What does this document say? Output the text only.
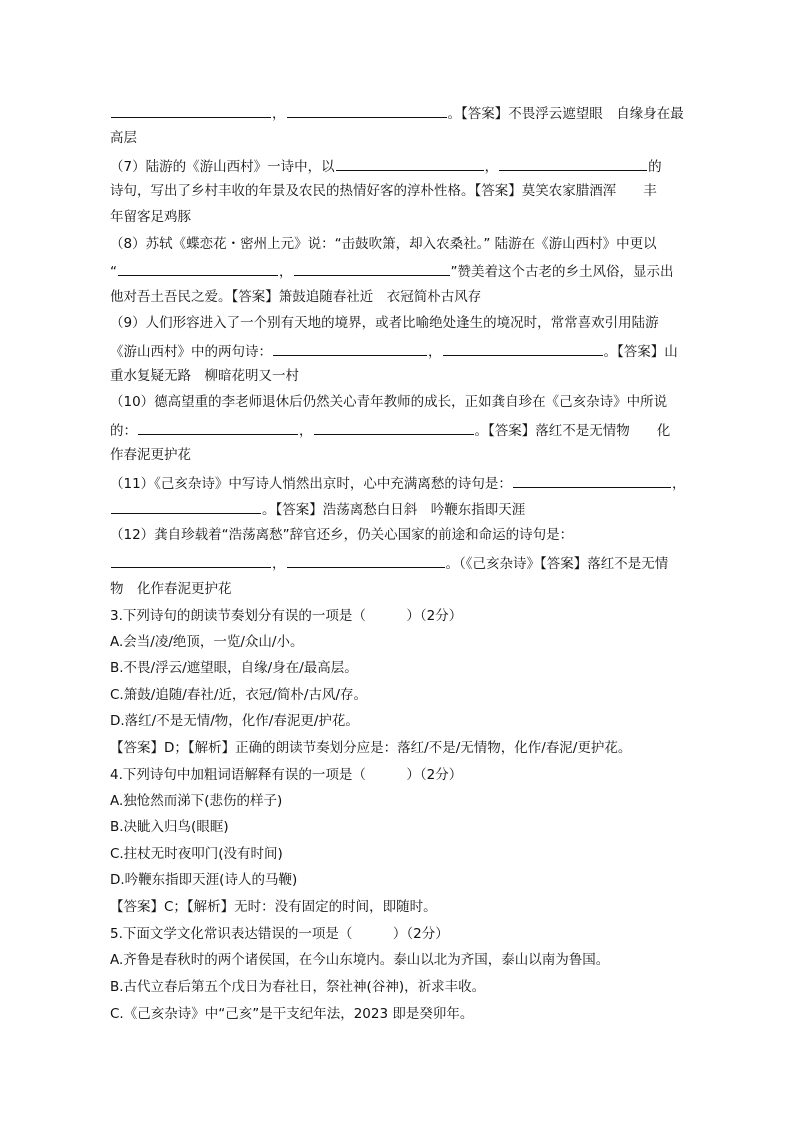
，	。【答案】不畏浮云遮望眼　自缘身在最
高层
（7）陆游的《游山西村》一诗中，以	，	的
诗句，写出了乡村丰收的年景及农民的热情好客的淳朴性格。【答案】莫笑农家腊酒浑　　丰
年留客足鸡豚
（8）苏轼《蝶恋花・密州上元》说：“击鼓吹箫，却入农桑社。” 陆游在《游山西村》中更以
“	，	”赞美着这个古老的乡土风俗，显示出
他对吾土吾民之爱。【答案】箫鼓追随春社近　衣冠简朴古风存
（9）人们形容进入了一个别有天地的境界，或者比喻绝处逢生的境况时，常常喜欢引用陆游
《游山西村》中的两句诗：	，	。【答案】山
重水复疑无路　柳暗花明又一村
（10）德高望重的李老师退休后仍然关心青年教师的成长，正如龚自珍在《己亥杂诗》中所说
的：	，	。【答案】落红不是无情物　　化
作春泥更护花
（11）《己亥杂诗》中写诗人悄然出京时，心中充满离愁的诗句是：	，
。【答案】浩荡离愁白日斜　吟鞭东指即天涯
（12）龚自珍载着“浩荡离愁”辞官还乡，仍关心国家的前途和命运的诗句是：
，	。（《己亥杂诗》【答案】落红不是无情
物　化作春泥更护花
3.下列诗句的朗读节奏划分有误的一项是（　　　）（2分）
A.会当/凌/绝顶，一览/众山/小。
B.不畏/浮云/遮望眼，自缘/身在/最高层。
C.箫鼓/追随/春社/近，衣冠/简朴/古风/存。
D.落红/不是无情/物，化作/春泥更/护花。
【答案】D；【解析】正确的朗读节奏划分应是：落红/不是/无情物，化作/春泥/更护花。
4.下列诗句中加粗词语解释有误的一项是（　　　）（2分）
A.独怆然而涕下(悲伤的样子)
B.决眦入归鸟(眼眶)
C.拄杖无时夜叩门(没有时间)
D.吟鞭东指即天涯(诗人的马鞭)
【答案】C；【解析】无时：没有固定的时间，即随时。
5.下面文学文化常识表达错误的一项是（　　　）（2分）
A.齐鲁是春秋时的两个诸侯国，在今山东境内。泰山以北为齐国，泰山以南为鲁国。
B.古代立春后第五个戊日为春社日，祭社神(谷神)，祈求丰收。
C.《己亥杂诗》中“己亥”是干支纪年法，2023 即是癸卯年。
